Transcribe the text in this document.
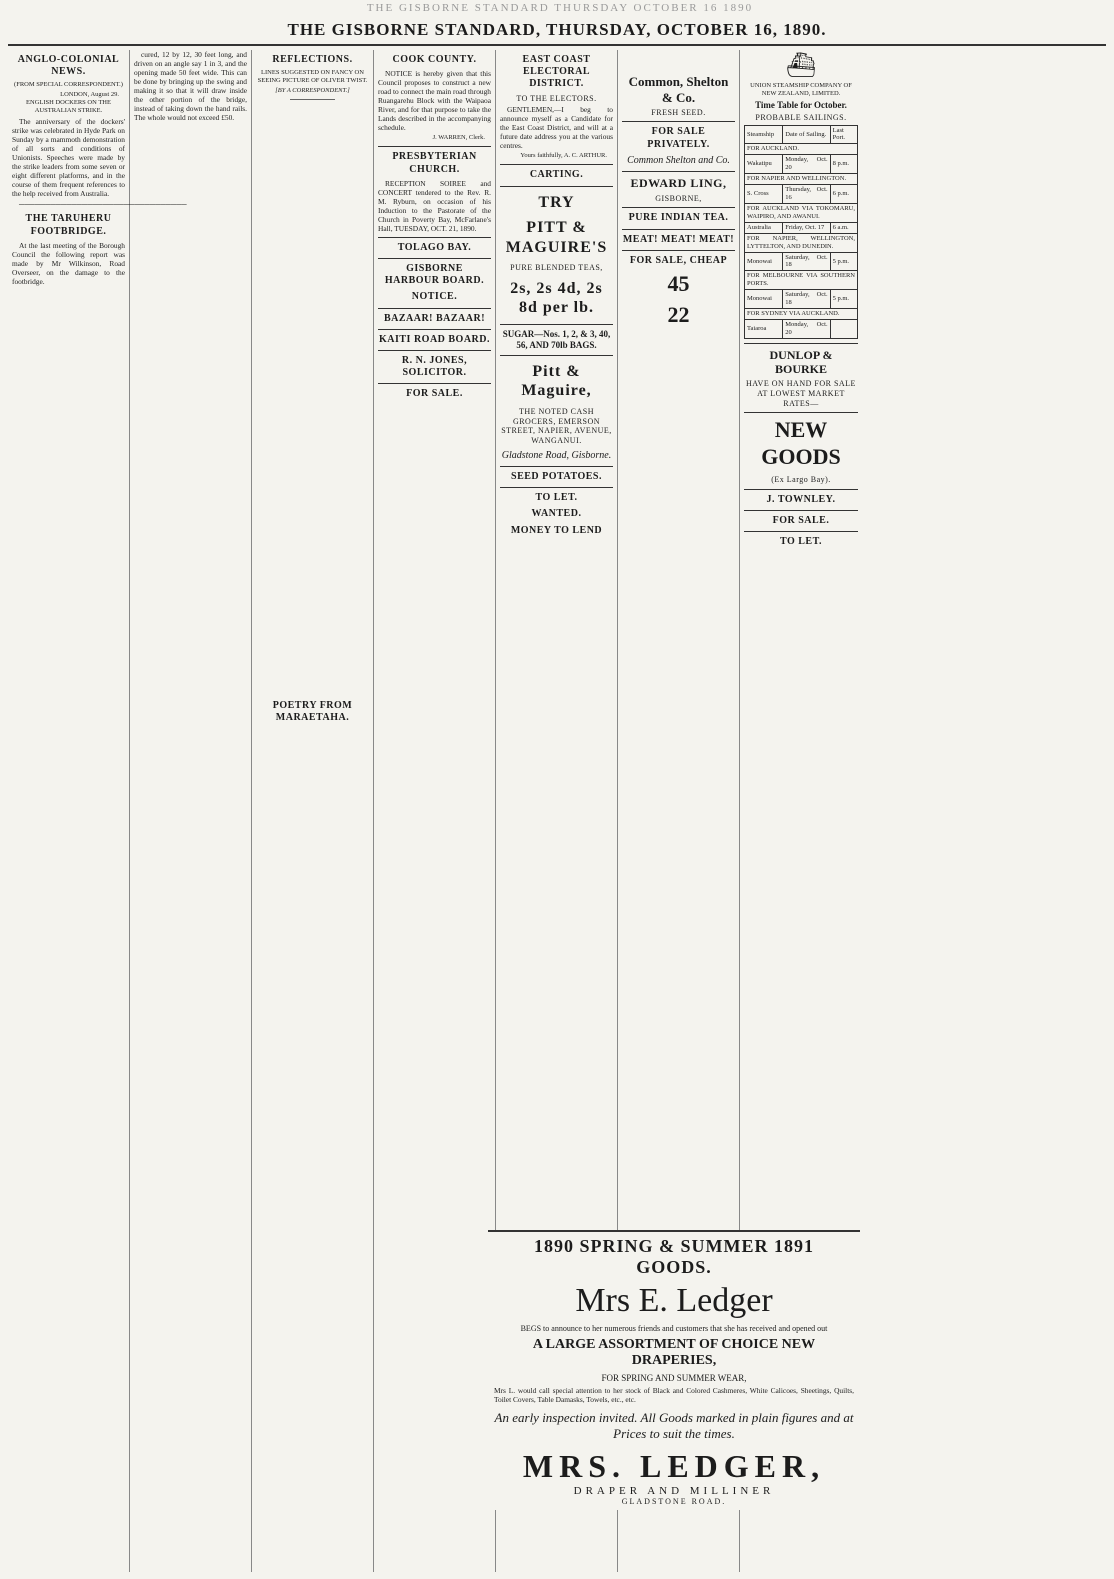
THE GISBORNE STANDARD THURSDAY OCTOBER 16 1890
THE GISBORNE STANDARD, THURSDAY, OCTOBER 16, 1890.
ANGLO-COLONIAL NEWS.
(FROM SPECIAL CORRESPONDENT.)
LONDON, August 29.
ENGLISH DOCKERS ON THE AUSTRALIAN STRIKE.

The anniversary of the dockers' strike was celebrated in Hyde Park on Sunday by a mammoth demonstration of all sorts and conditions of Unionists. Speeches were made by the strike leaders from some seven or eight different platforms, and in the course of them frequent references to the help received from Australia.

────────────────────────────────

THE TARUHERU FOOTBRIDGE.

At the last meeting of the Borough Council the following report was made by Mr Wilkinson, Road Overseer, on the damage to the footbridge.

cured, 12 by 12, 30 feet long, and driven on an angle say 1 in 3, and the opening made 50 feet wide. This can be done by bringing up the swing and making it so that it will draw inside the other portion of the bridge, instead of taking down the hand rails. The whole would not exceed £50.

REFLECTIONS.
LINES SUGGESTED ON FANCY ON SEEING PICTURE OF OLIVER TWIST.
[BY A CORRESPONDENT.]
POETRY FROM MARAETAHA.
COOK COUNTY.

NOTICE is hereby given that this Council proposes to construct a new road to connect the main road through Ruangarehu Block with the Waipaoa River, and for that purpose to take the Lands described in the accompanying schedule.

J. WARREN, Clerk.
PRESBYTERIAN CHURCH.

RECEPTION SOIREE and CONCERT tendered to the Rev. R. M. Ryburn, on occasion of his Induction to the Pastorate of the Church in Poverty Bay, McFarlane's Hall, TUESDAY, OCT. 21, 1890.

TOLAGO BAY.
GISBORNE HARBOUR BOARD.
NOTICE.
BAZAAR! BAZAAR!
KAITI ROAD BOARD.
R. N. JONES, SOLICITOR.
FOR SALE.
EAST COAST ELECTORAL DISTRICT.
TO THE ELECTORS.

GENTLEMEN,—I beg to announce myself as a Candidate for the East Coast District, and will at a future date address you at the various centres.

Yours faithfully, A. C. ARTHUR.
CARTING.
TRY
PITT & MAGUIRE'S
PURE BLENDED TEAS,
2s, 2s 4d, 2s 8d per lb.
SUGAR—Nos. 1, 2, & 3, 40, 56, AND 70lb BAGS.
Pitt & Maguire,
THE NOTED CASH GROCERS, EMERSON STREET, NAPIER, AVENUE, WANGANUI.
Gladstone Road, Gisborne.
SEED POTATOES.
TO LET.
WANTED.
MONEY TO LEND
Common, Shelton & Co.
FRESH SEED.
FOR SALE PRIVATELY.
Common Shelton and Co.
EDWARD LING,
GISBORNE,
PURE INDIAN TEA.
MEAT! MEAT! MEAT!
FOR SALE, CHEAP
45
22
⛴
UNION STEAMSHIP COMPANY OF NEW ZEALAND, LIMITED.
Time Table for October.
PROBABLE SAILINGS.
Steamship	Date of Sailing.	Last Port.
FOR AUCKLAND.		
Wakatipu	Monday, Oct. 20	8 p.m.
FOR NAPIER AND WELLINGTON.		
S. Cross	Thursday, Oct. 16	6 p.m.
FOR AUCKLAND VIA TOKOMARU, WAIPIRO, AND AWANUI.		
Australia	Friday, Oct. 17	6 a.m.
FOR NAPIER, WELLINGTON, LYTTELTON, AND DUNEDIN.		
Monowai	Saturday, Oct. 18	5 p.m.
FOR MELBOURNE VIA SOUTHERN PORTS.		
Monowai	Saturday, Oct. 18	5 p.m.
FOR SYDNEY VIA AUCKLAND.		
Taiaroa	Monday, Oct. 20	
DUNLOP & BOURKE
HAVE ON HAND FOR SALE AT LOWEST MARKET RATES—
NEW GOODS
(Ex Largo Bay).
J. TOWNLEY.
FOR SALE.
TO LET.
1890 SPRING & SUMMER 1891 GOODS.
Mrs E. Ledger
BEGS to announce to her numerous friends and customers that she has received and opened out
A LARGE ASSORTMENT OF CHOICE NEW DRAPERIES,
FOR SPRING AND SUMMER WEAR,
Mrs L. would call special attention to her stock of Black and Colored Cashmeres, White Calicoes, Sheetings, Quilts, Toilet Covers, Table Damasks, Towels, etc., etc.
An early inspection invited. All Goods marked in plain figures and at Prices to suit the times.
MRS. LEDGER,
DRAPER AND MILLINER
GLADSTONE ROAD.
